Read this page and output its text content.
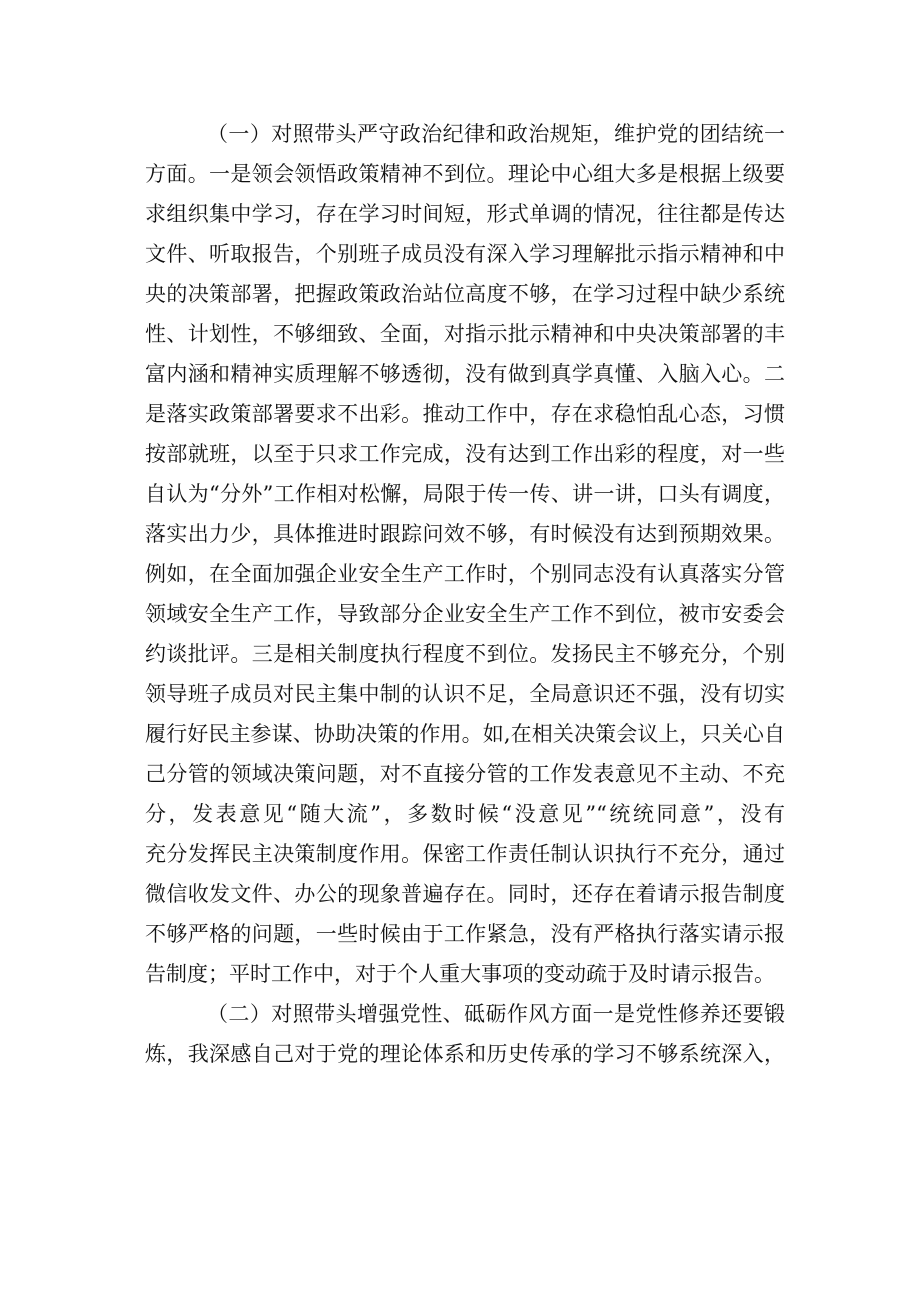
（一）对照带头严守政治纪律和政治规矩，维护党的团结统一
方面。一是领会领悟政策精神不到位。理论中心组大多是根据上级要
求组织集中学习，存在学习时间短，形式单调的情况，往往都是传达
文件、听取报告，个别班子成员没有深入学习理解批示指示精神和中
央的决策部署，把握政策政治站位高度不够，在学习过程中缺少系统
性、计划性，不够细致、全面，对指示批示精神和中央决策部署的丰
富内涵和精神实质理解不够透彻，没有做到真学真懂、入脑入心。二
是落实政策部署要求不出彩。推动工作中，存在求稳怕乱心态，习惯
按部就班，以至于只求工作完成，没有达到工作出彩的程度，对一些
自认为“分外”工作相对松懈，局限于传一传、讲一讲，口头有调度，
落实出力少，具体推进时跟踪问效不够，有时候没有达到预期效果。
例如，在全面加强企业安全生产工作时，个别同志没有认真落实分管
领域安全生产工作，导致部分企业安全生产工作不到位，被市安委会
约谈批评。三是相关制度执行程度不到位。发扬民主不够充分，个别
领导班子成员对民主集中制的认识不足，全局意识还不强，没有切实
履行好民主参谋、协助决策的作用。如,在相关决策会议上，只关心自
己分管的领域决策问题，对不直接分管的工作发表意见不主动、不充
分，发表意见“随大流”，多数时候“没意见”“统统同意”，没有
充分发挥民主决策制度作用。保密工作责任制认识执行不充分，通过
微信收发文件、办公的现象普遍存在。同时，还存在着请示报告制度
不够严格的问题，一些时候由于工作紧急，没有严格执行落实请示报
告制度；平时工作中，对于个人重大事项的变动疏于及时请示报告。
（二）对照带头增强党性、砥砺作风方面一是党性修养还要锻
炼，我深感自己对于党的理论体系和历史传承的学习不够系统深入，
